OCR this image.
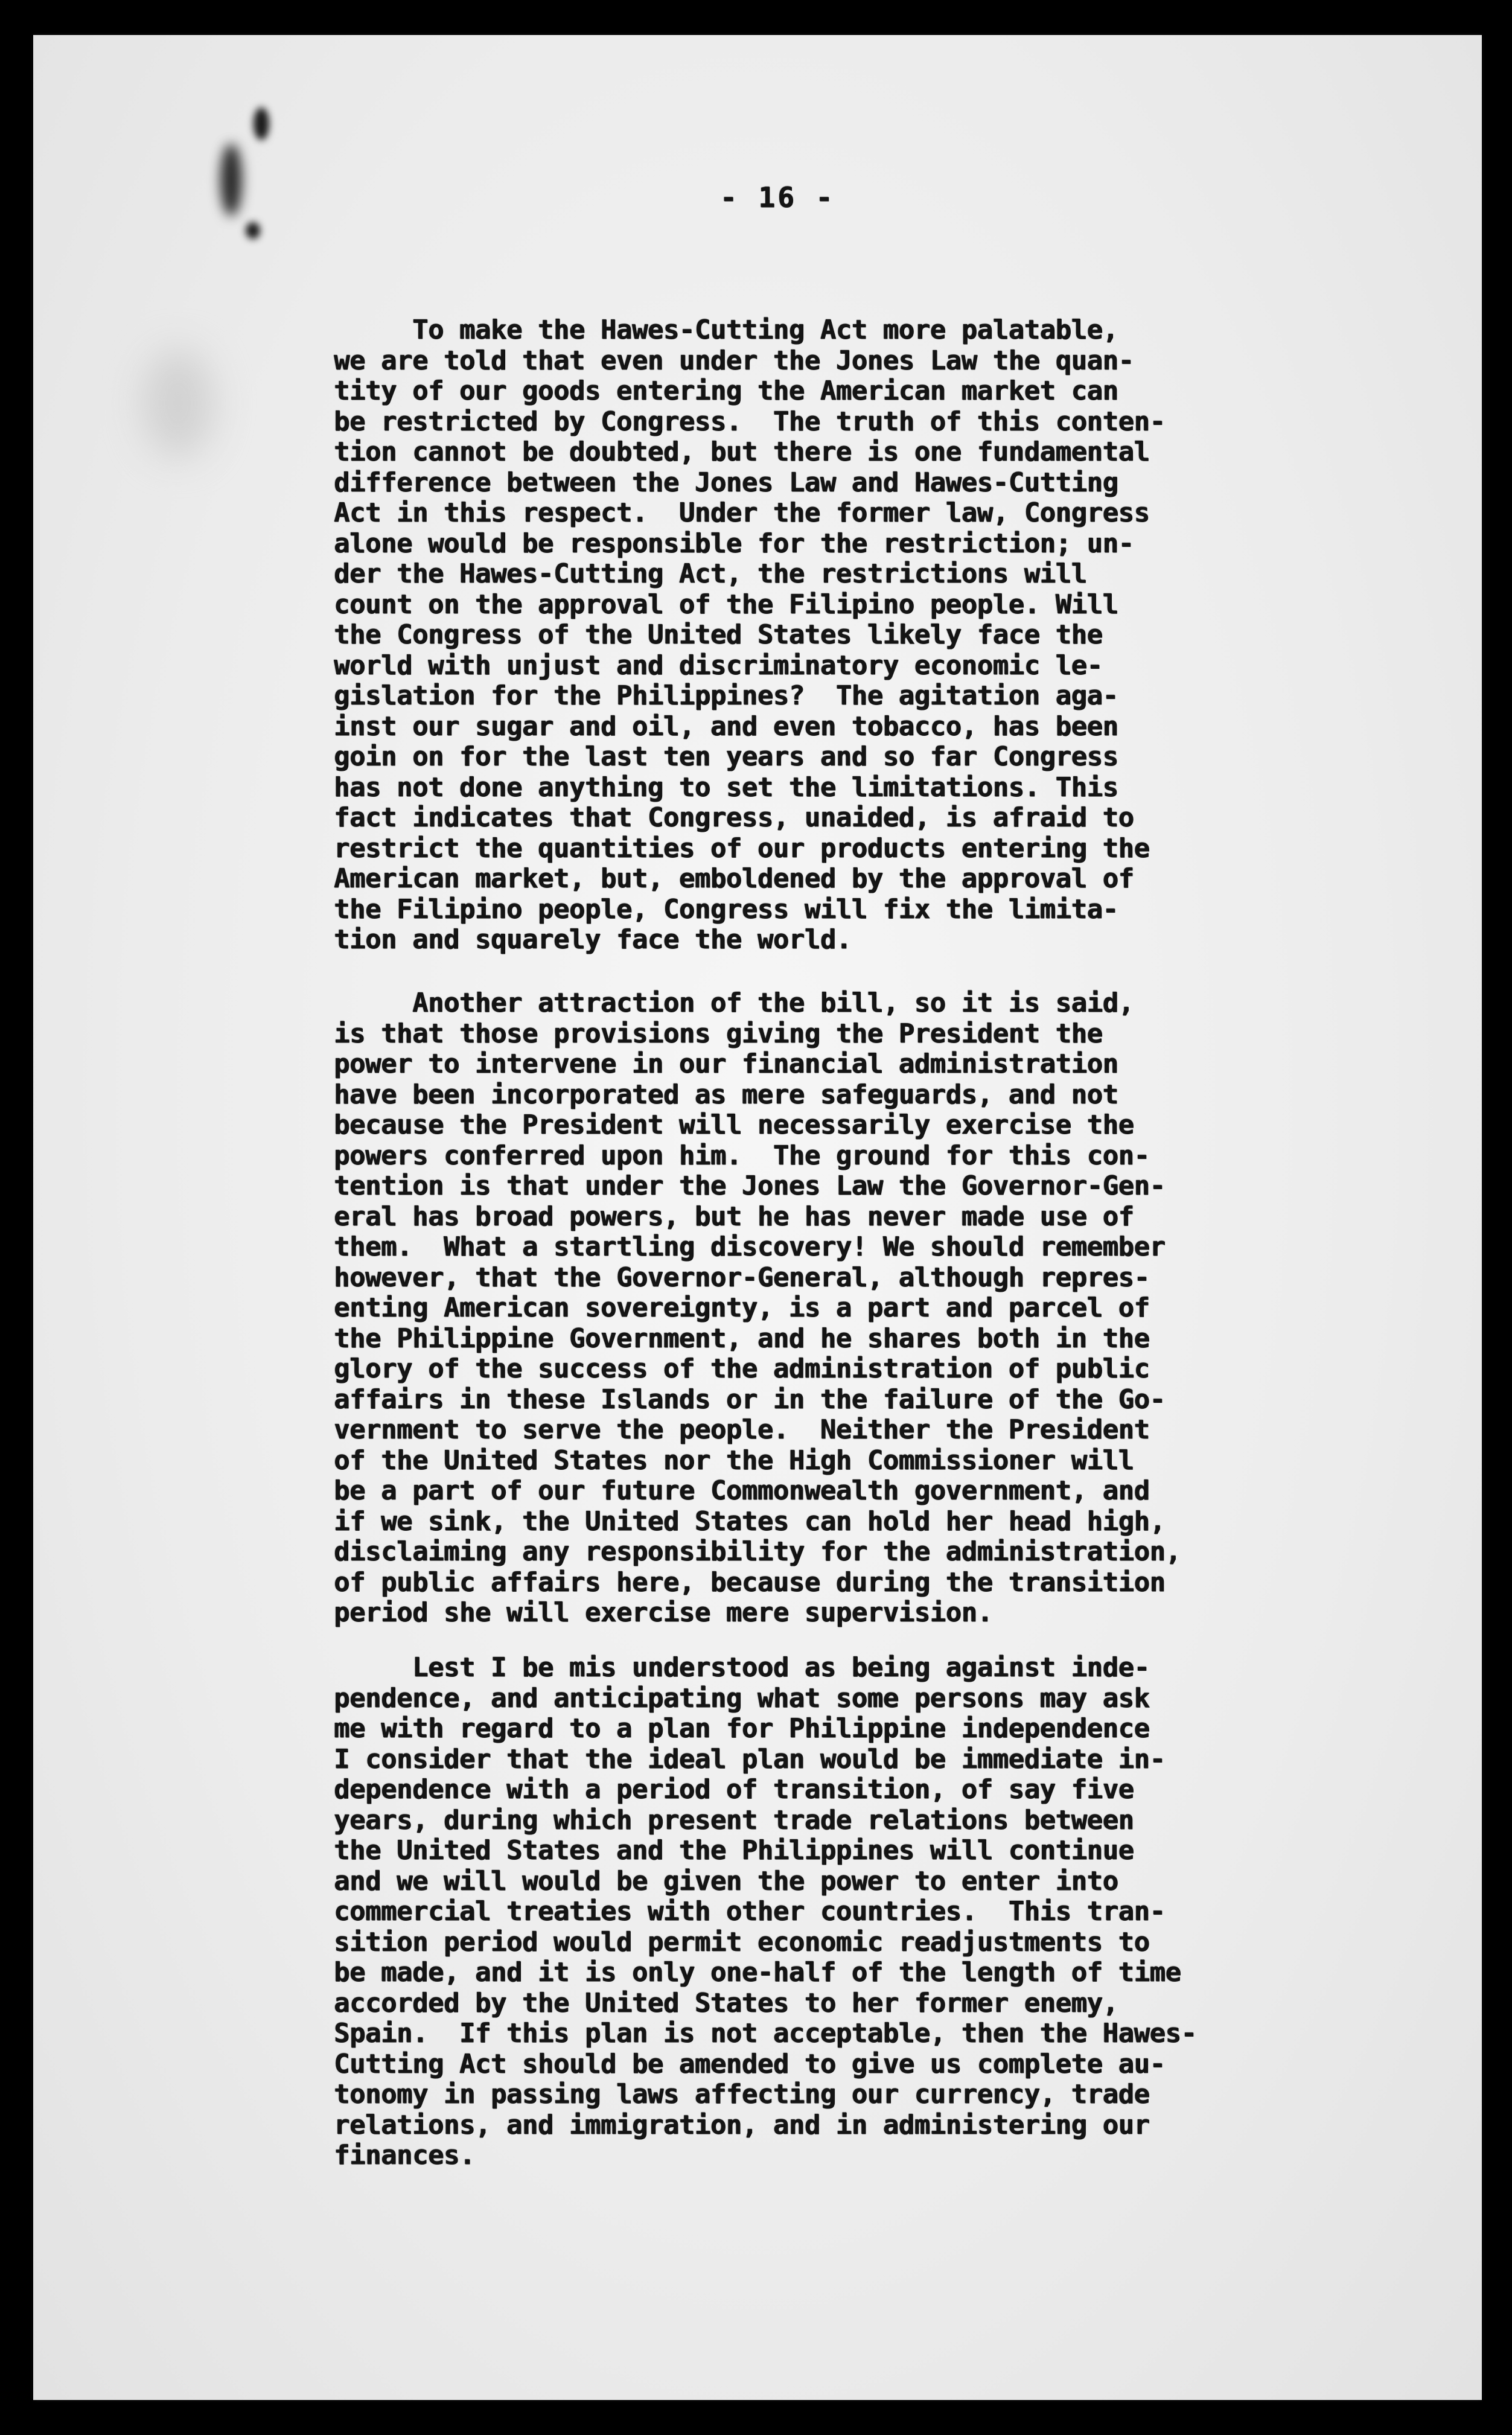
- 16 -
To make the Hawes-Cutting Act more palatable,
we are told that even under the Jones Law the quan-
tity of our goods entering the American market can
be restricted by Congress.  The truth of this conten-
tion cannot be doubted, but there is one fundamental
difference between the Jones Law and Hawes-Cutting
Act in this respect.  Under the former law, Congress
alone would be responsible for the restriction; un-
der the Hawes-Cutting Act, the restrictions will
count on the approval of the Filipino people. Will
the Congress of the United States likely face the
world with unjust and discriminatory economic le-
gislation for the Philippines?  The agitation aga-
inst our sugar and oil, and even tobacco, has been
goin on for the last ten years and so far Congress
has not done anything to set the limitations. This
fact indicates that Congress, unaided, is afraid to
restrict the quantities of our products entering the
American market, but, emboldened by the approval of
the Filipino people, Congress will fix the limita-
tion and squarely face the world.
Another attraction of the bill, so it is said,
is that those provisions giving the President the
power to intervene in our financial administration
have been incorporated as mere safeguards, and not
because the President will necessarily exercise the
powers conferred upon him.  The ground for this con-
tention is that under the Jones Law the Governor-Gen-
eral has broad powers, but he has never made use of
them.  What a startling discovery! We should remember
however, that the Governor-General, although repres-
enting American sovereignty, is a part and parcel of
the Philippine Government, and he shares both in the
glory of the success of the administration of public
affairs in these Islands or in the failure of the Go-
vernment to serve the people.  Neither the President
of the United States nor the High Commissioner will
be a part of our future Commonwealth government, and
if we sink, the United States can hold her head high,
disclaiming any responsibility for the administration,
of public affairs here, because during the transition
period she will exercise mere supervision.
Lest I be mis understood as being against inde-
pendence, and anticipating what some persons may ask
me with regard to a plan for Philippine independence
I consider that the ideal plan would be immediate in-
dependence with a period of transition, of say five
years, during which present trade relations between
the United States and the Philippines will continue
and we will would be given the power to enter into
commercial treaties with other countries.  This tran-
sition period would permit economic readjustments to
be made, and it is only one-half of the length of time
accorded by the United States to her former enemy,
Spain.  If this plan is not acceptable, then the Hawes-
Cutting Act should be amended to give us complete au-
tonomy in passing laws affecting our currency, trade
relations, and immigration, and in administering our
finances.
